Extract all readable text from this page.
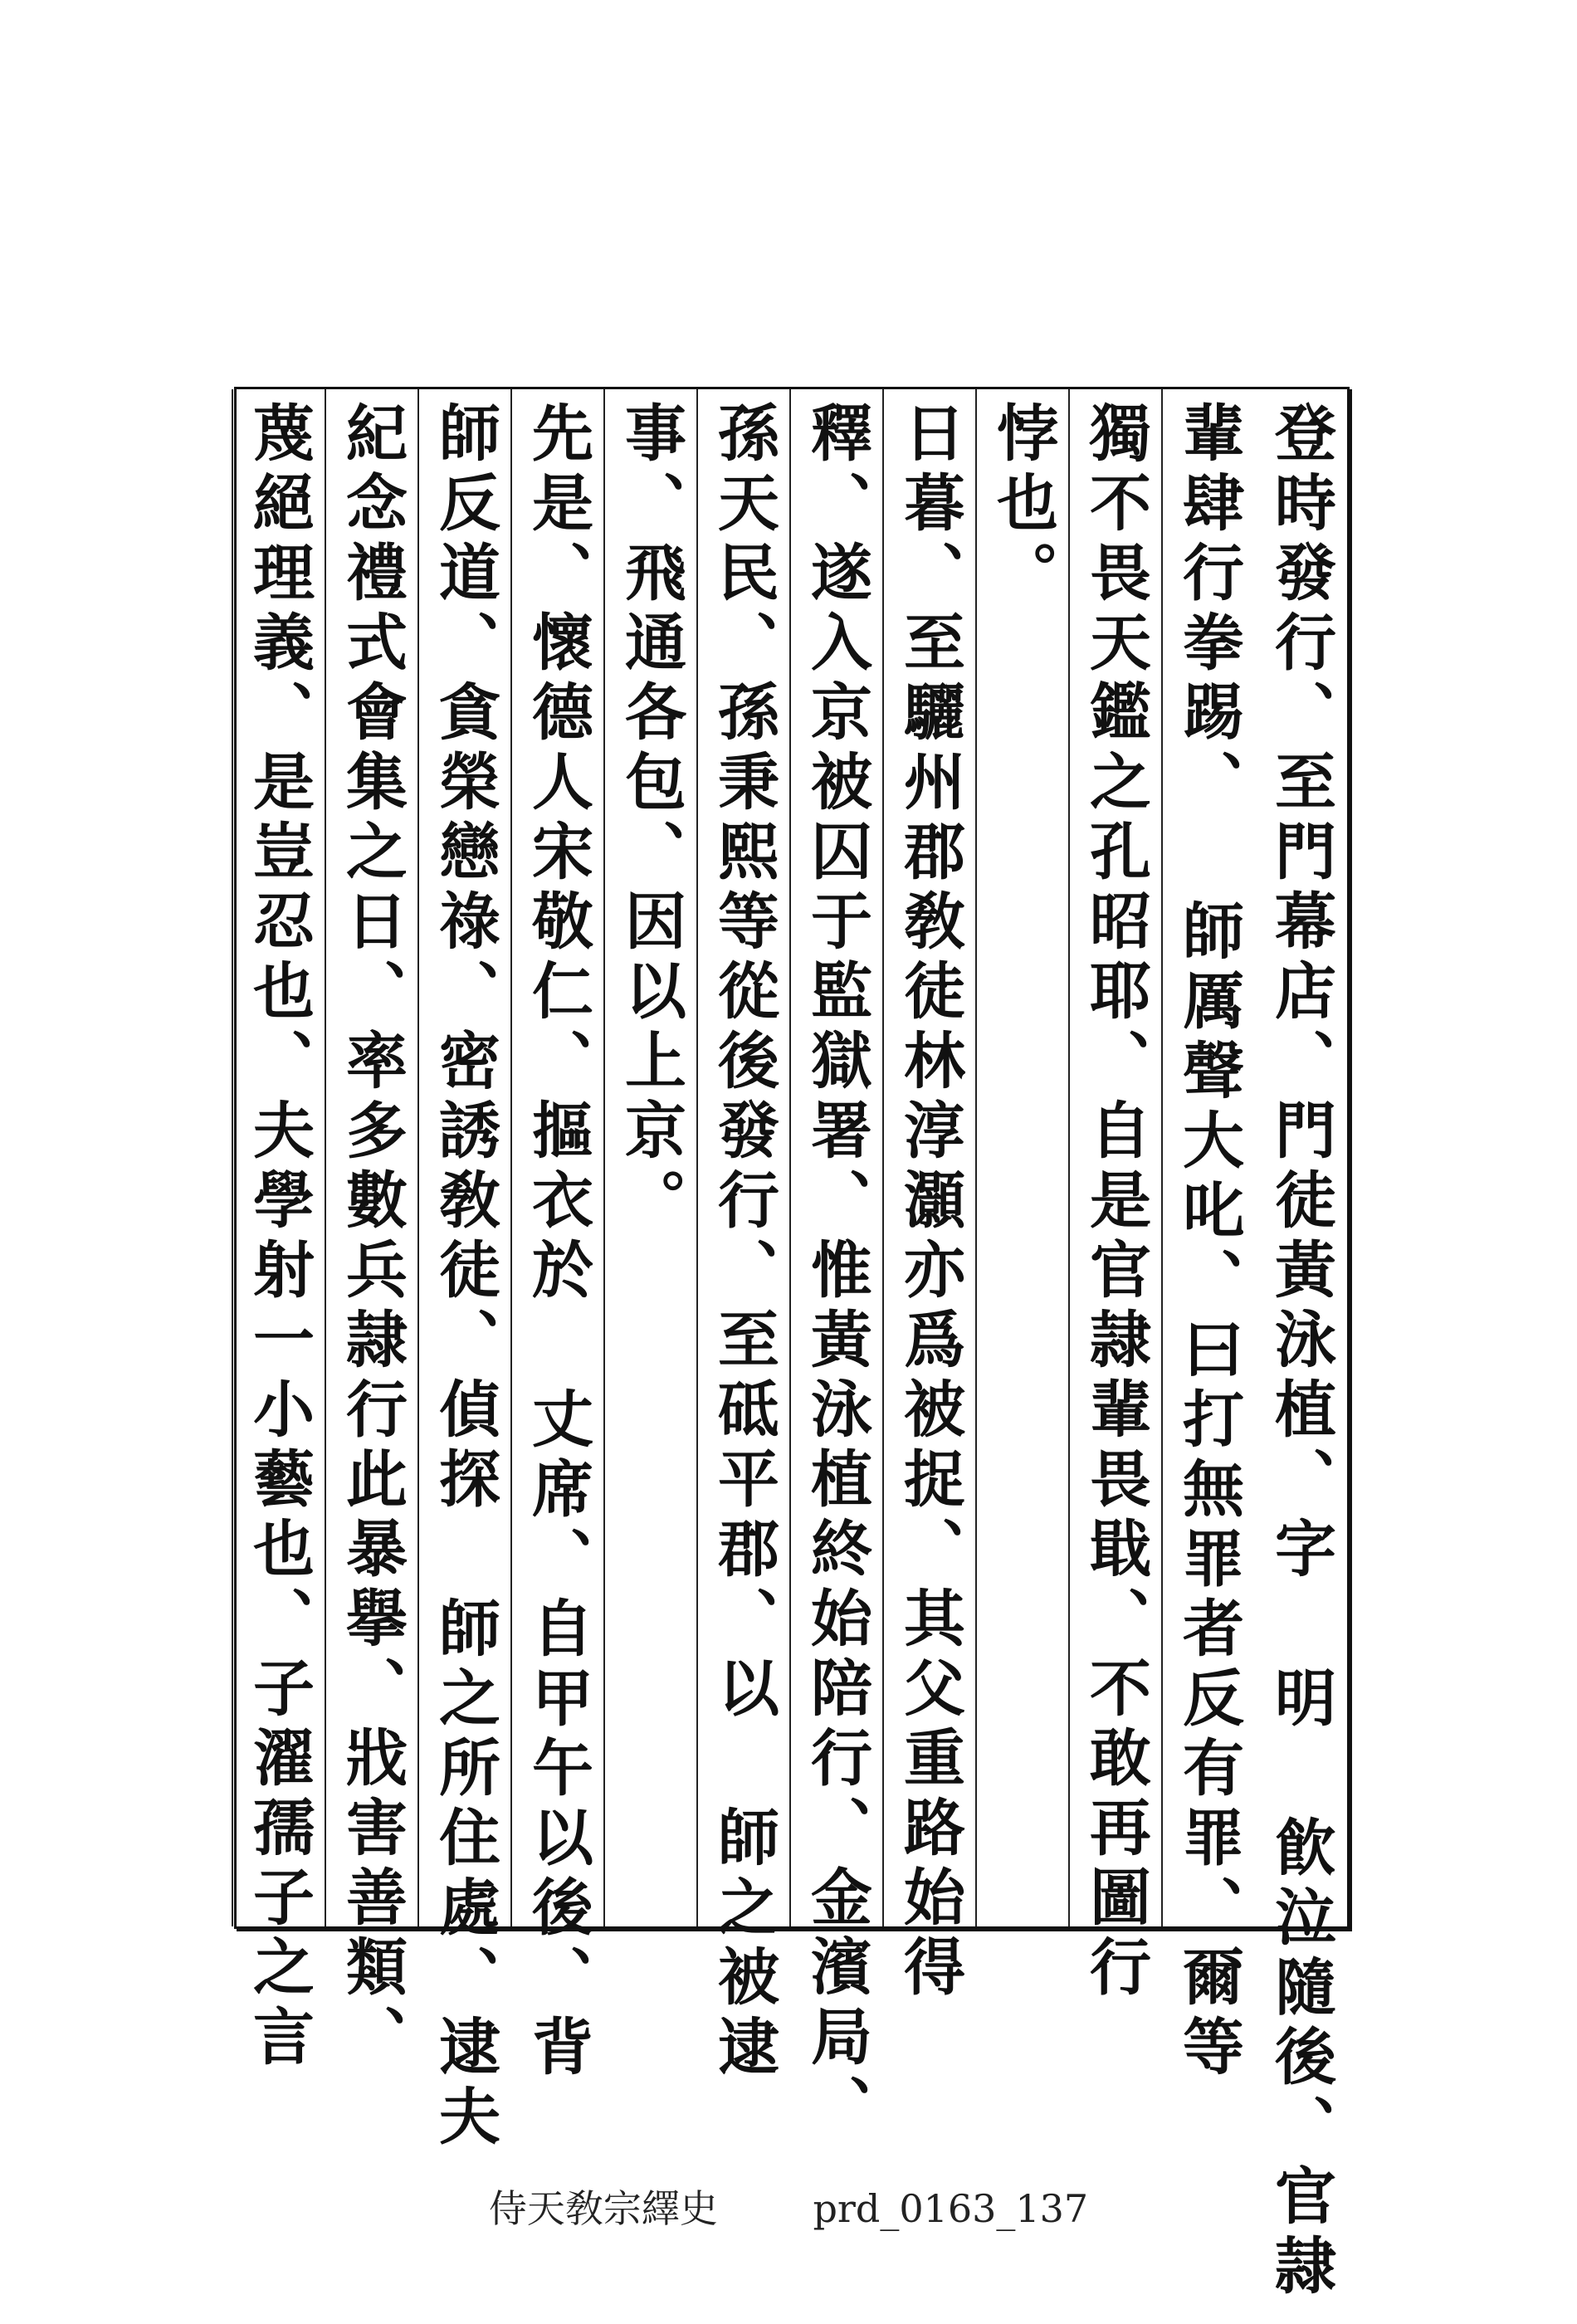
登時發行、至門幕店、門徒黃泳植、字 明 飮泣隨後、官隷
輩肆行拳踢、 師厲聲大叱、曰打無罪者反有罪、爾等
獨不畏天鑑之孔昭耶、自是官隷輩畏戢、不敢再圖行
悖也。
日暮、至驪州郡敎徒林淳灝亦爲被捉、其父重路始得
釋、遂入京被囚于監獄署、惟黃泳植終始陪行、金濱局、
孫天民、孫秉熙等從後發行、至砥平郡、以 師之被逮
事、飛通各包、因以上京。
先是、懷德人宋敬仁、摳衣於 丈席、自甲午以後、背
師反道、貪榮戀祿、密誘敎徒、偵探 師之所住處、逮夫
紀念禮式會集之日、率多數兵隷行此暴擧、戕害善類、
蔑絕理義、是豈忍也、夫學射一小藝也、子濯孺子之言
侍天敎宗繹史 prd_0163_137
